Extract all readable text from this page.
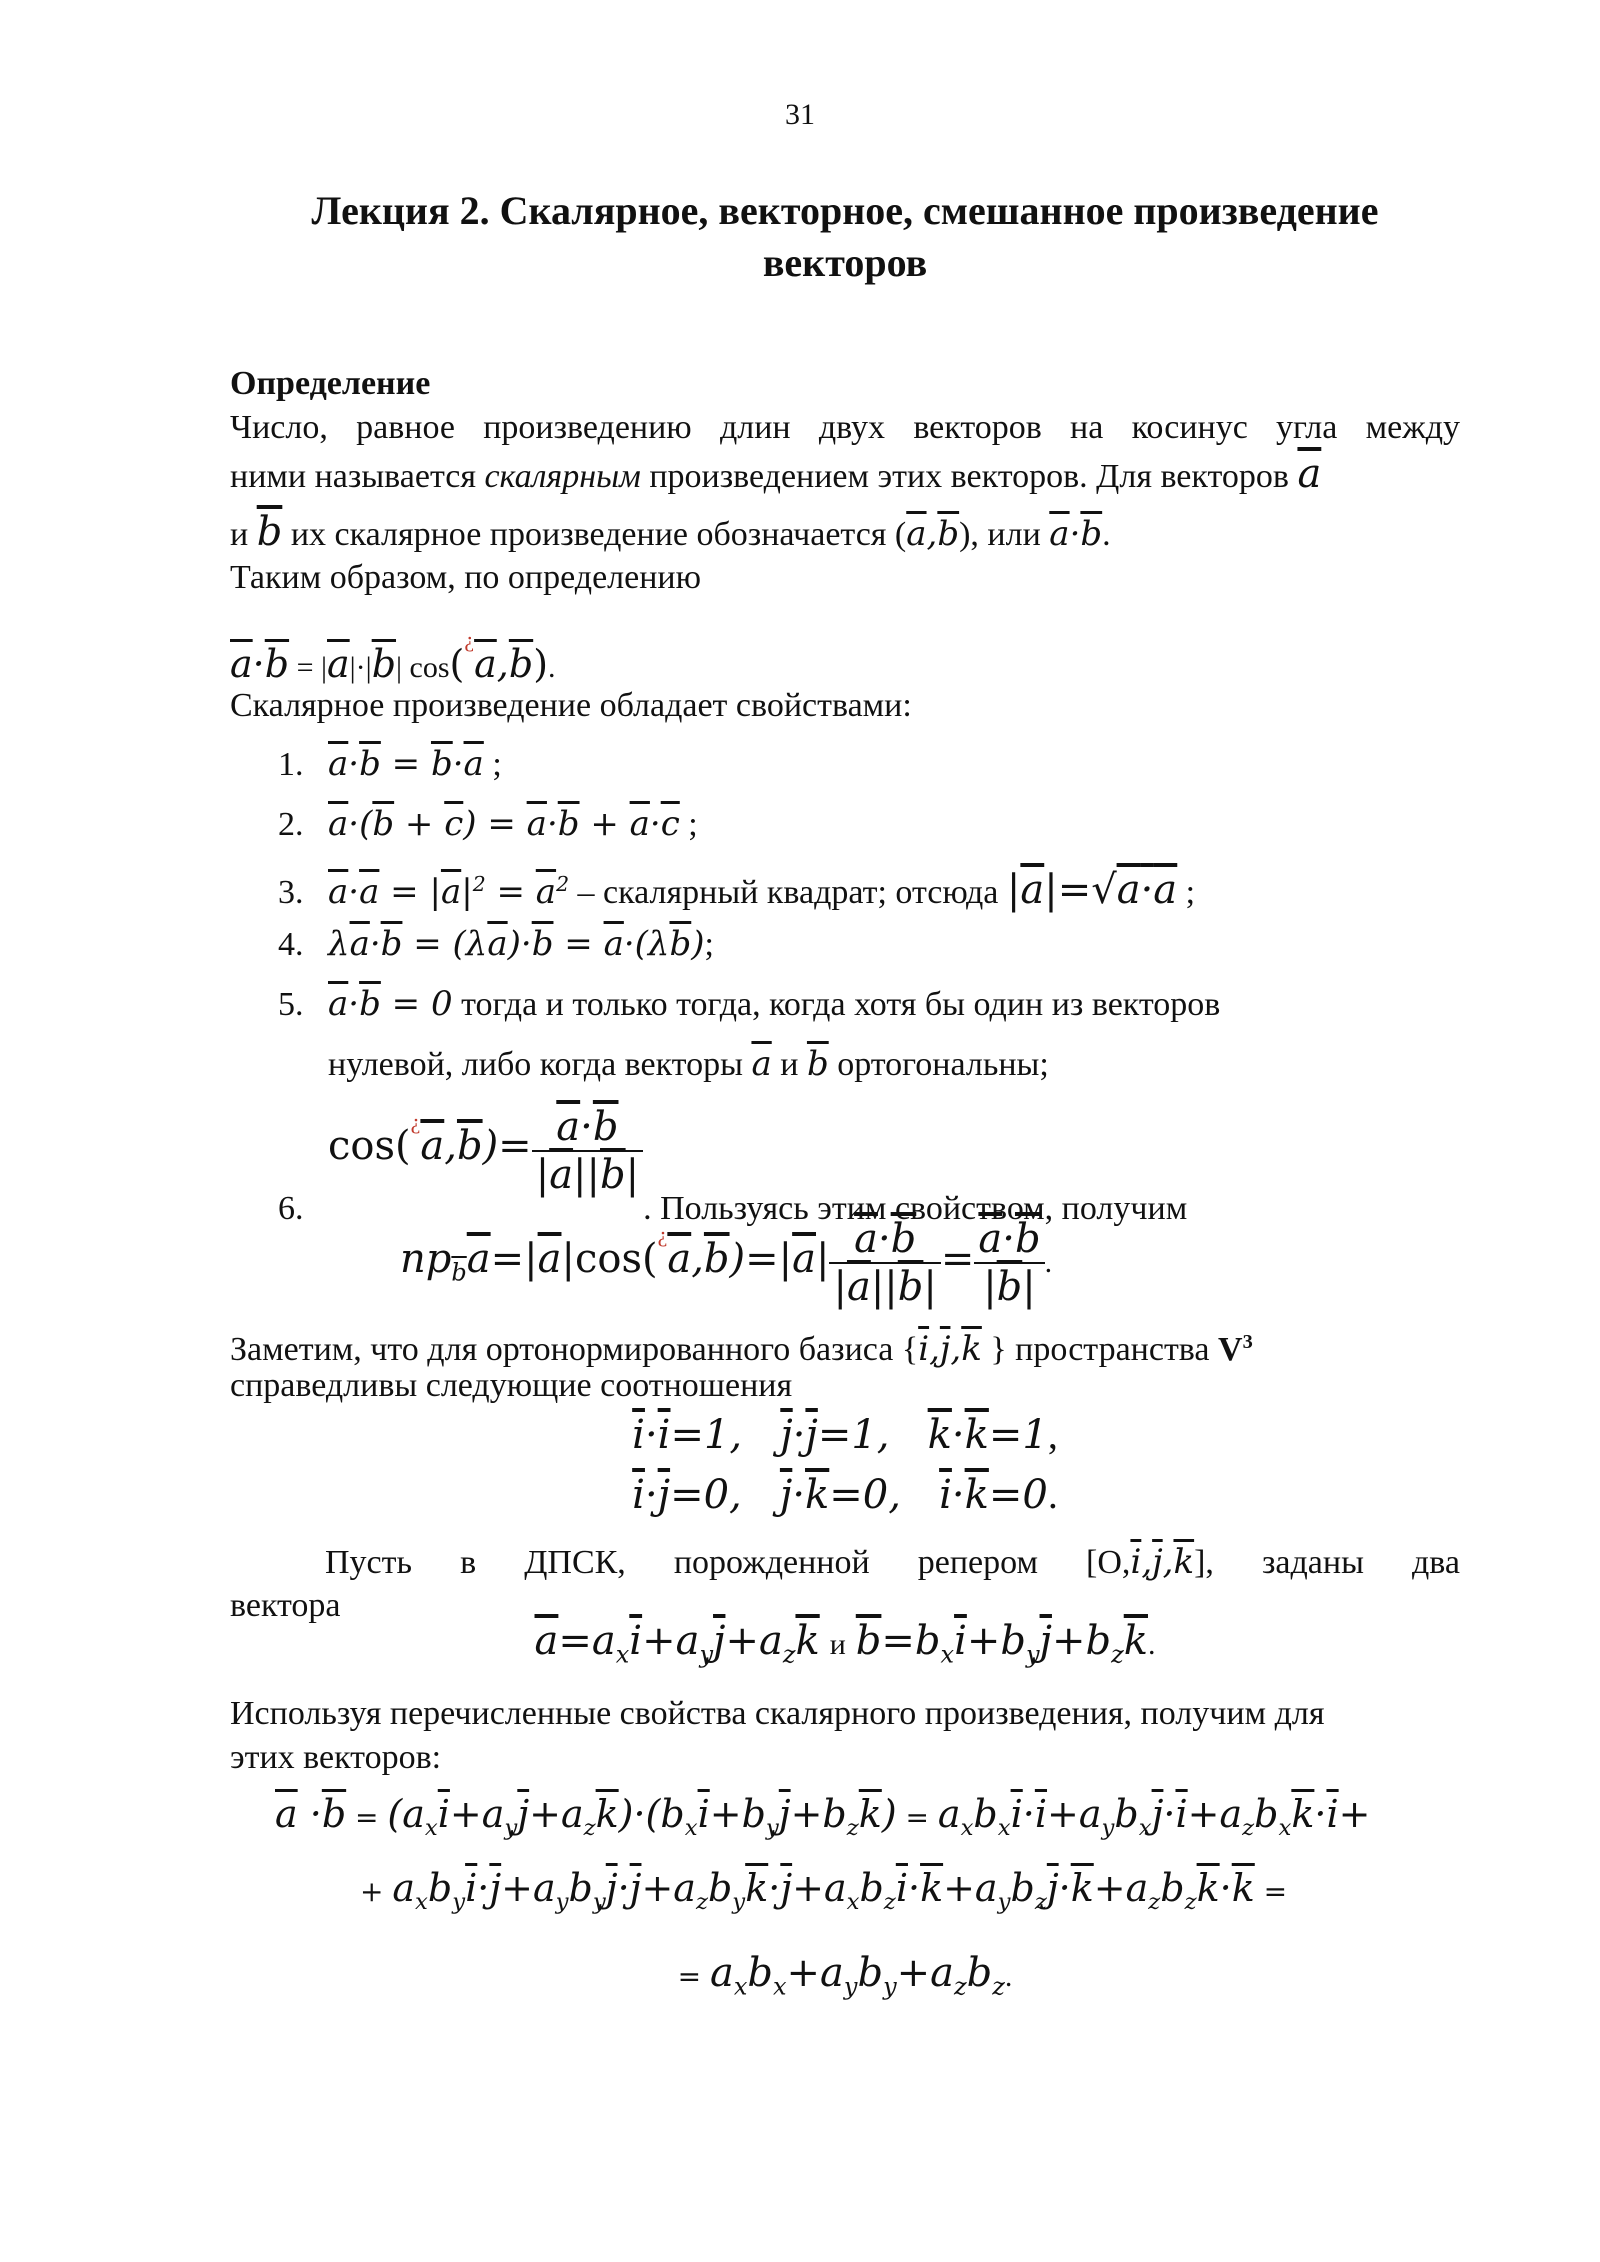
31
Лекция 2. Скалярное, векторное, смешанное произведение векторов
Определение
Число, равное произведению длин двух векторов на косинус угла между
ними называется скалярным произведением этих векторов. Для векторов $\overline{a}$
и $\overline{b}$ их скалярное произведение обозначается $(\overline{a},\overline{b})$, или $\overline{a}\cdot\overline{b}$.
Таким образом, по определению
$\overline{a}\cdot\overline{b} = |\overline{a}|\cdot|\overline{b}|$ $\cos(^¿\overline{a},\overline{b})$.
Скалярное произведение обладает свойствами:
1. $\overline{a}\cdot\overline{b} = \overline{b}\cdot\overline{a}$ ;
2. $\overline{a}\cdot(\overline{b} + \overline{c}) = \overline{a}\cdot\overline{b} + \overline{a}\cdot\overline{c}$ ;
3. $\overline{a}\cdot\overline{a} = |\overline{a}|^2 = \overline{a}^2$ – скалярный квадрат; отсюда $|\overline{a}|=√a\cdot a$ ;
4. $\lambda\overline{a}\cdot\overline{b} = (\lambda\overline{a})\cdot\overline{b} = \overline{a}\cdot(\lambda\overline{b})$;
5. $\overline{a}\cdot\overline{b} = 0$ тогда и только тогда, когда хотя бы один из векторов
нулевой, либо когда векторы $\overline{a}$ и $\overline{b}$ ортогональны;
$6.\cos(^¿\overline{a},\overline{b})= \frac{\overline{a}\cdot\overline{b}}{|\overline{a}||\overline{b}|}$
. Пользуясь этим свойством, получим
$пр_{\overline{b}}\overline{a}=|\overline{a}|\cos(^¿\overline{a},\overline{b})=|\overline{a}| \frac{\overline{a}\cdot\overline{b}}{|\overline{a}||\overline{b}|} = \frac{\overline{a}\cdot\overline{b}}{|\overline{b}|}$ .
Заметим, что для ортонормированного базиса {$\overline{i},\overline{j},\overline{k}$ } пространства $V^3$
справедливы следующие соотношения
$\overline{i}\cdot\overline{i}=1$,   $\overline{j}\cdot\overline{j}=1$,   $\overline{k}\cdot\overline{k}=1$,
$\overline{i}\cdot\overline{j}=0$,   $\overline{j}\cdot\overline{k}=0$,   $\overline{i}\cdot\overline{k}=0$.
Пусть в ДПСК, порожденной репером $[O,\overline{i},\overline{j},\overline{k}]$, заданы два
вектора
$\overline{a}=a_x\overline{i}+a_y\overline{j}+a_z\overline{k}$ и $\overline{b}=b_x\overline{i}+b_y\overline{j}+b_z\overline{k}$.
Используя перечисленные свойства скалярного произведения, получим для
этих векторов:
$\overline{a} \cdot\overline{b} = (a_x\overline{i}+a_y\overline{j}+a_z\overline{k})\cdot(b_x\overline{i}+b_y\overline{j}+b_z\overline{k}) = a_xb_x\overline{i}\cdot\overline{i}+a_yb_x\overline{j}\cdot\overline{i}+a_zb_x\overline{k}\cdot\overline{i}+$
+ $a_xb_y\overline{i}\cdot\overline{j}+a_yb_y\overline{j}\cdot\overline{j}+a_zb_y\overline{k}\cdot\overline{j}+a_xb_z\overline{i}\cdot\overline{k}+a_yb_z\overline{j}\cdot\overline{k}+a_zb_z\overline{k}\cdot\overline{k}$ =
= $a_xb_x+a_yb_y+a_zb_z$.
